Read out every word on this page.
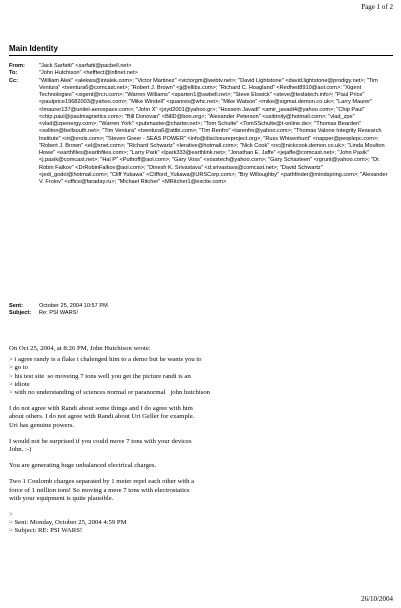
Page 1 of 2
Main Identity
From:	"Jack Sarfatti" <sarfatti@pacbell.net>
To:	"John Hutchison" <hefftect@infinet.net>
Cc:	"William Alek" <alekws@intalek.com>; "Victor Martinez" <victorgm@webtv.net>; "David Lightstone" <david.lightstone@prodigy.net>; "Tim Ventura" <tventura6@comcast.net>; "Robert J. Brown" <jj@ellibs.com>; "Richard C. Hoagland" <Redhed8910@aol.com>; "Xigent Technologies" <xigent@rcn.com>; "Warren Williams" <sparten1@swbell.net>; "Steve Elswick" <steve@teslatech.info>; "Paul Price" <paulprice19682003@yahoo.com>; "Mike Windell" <quanres@whc.net>; "Mike Watson" <mike@sigmat.demon.co.uk>; "Larry Maurer" <lmaurer137@unitel-aerospace.com>; "John X" <jxyd2001@yahoo.gr>; "Hossein Javadi" <amir_javadi4@yahoo.com>; "Chip Paul" <chip.paul@paulmagnetics.com>; "Bill Donovan" <BillD@bon.org>; "Alexander Peterson" <usitrinity@hotmail.com>; "vlad_zpe" <vlad@zpenergy.com>; "Warren York" <pubmaster@charter.net>; "Tom Schulte" <TomSSchulte@t-online.de>; "Thomas Bearden" <soliton@bellsouth.net>; "Tim Ventura" <tventura6@attbi.com>; "Tim Renfro" <tarenfro@yahoo.com>; "Thomas Valone Integrity Research Institute" <iri@erols.com>; "Steven Greer - SEAS POWER" <info@disclosureproject.org>; "Russ Whisenhunt" <napper@peoplepc.com>; "Robert J. Brown" <el@xnet.com>; "Richard Schwartz" <lerative@hotmail.com>; "Nick Cook" <nc@nickcook.demon.co.uk>; "Linda Moulton Howe" <earthfiles@earthfiles.com>; "Larry Park" <lpark333@earthlink.net>; "Jonathan E. Jaffe" <jejaffe@comcast.net>; "John Pasik" <j.pasik@comcast.net>; "Hal P" <Puthoff@aol.com>; "Gary Voss" <vosstech@yahoo.com>; "Gary Schasteen" <rgrunt@yahoo.com>; "Dr. Robin Falkov" <DrRobinFalkov@aol.com>; "Dinesh K. Srivastava" <d.srivastava@comcast.net>; "David Schwartz" <jedi_godol@hotmail.com>; "Cliff Yukawa" <Clifford_Yukawa@URSCorp.com>; "Bry Willoughby" <pathfinder@mindspring.com>; "Alexander V. Frolov" <office@faraday.ru>; "Michael Ritcher" <MRitcher1@excite.com>
Sent:	October 25, 2004 10:57 PM
Subject:	Re: PSI WARS!

On Oct 25, 2004, at 8:26 PM, John Hutchison wrote:

> i agree randy is a flake i chalenged him to a demo but he wants you to
> go to
> his test site  so moveing 7 tons well you get the picture randi is an
> idiote
> with no understanding of sciences normal or paranormal   john hutchison

I do not agree with Randi about some things and I do agree with him
about others. I do not agree with Randi about Uri Geller for example.
Uri has genuine powers.

I would not be surprised if you could move 7 tons with your devices
John. :-)

You are generating huge unbalanced electrical charges.

Two 1 Coulomb charges separated by 1 meter repel each other with a
force of 1 million tons! So moving a mere 7 tons with electrostatics
with your equipment is quite plausible.

>
> Sent: Monday, October 25, 2004 4:59 PM
> Subject: RE: PSI WARS!

26/10/2004
